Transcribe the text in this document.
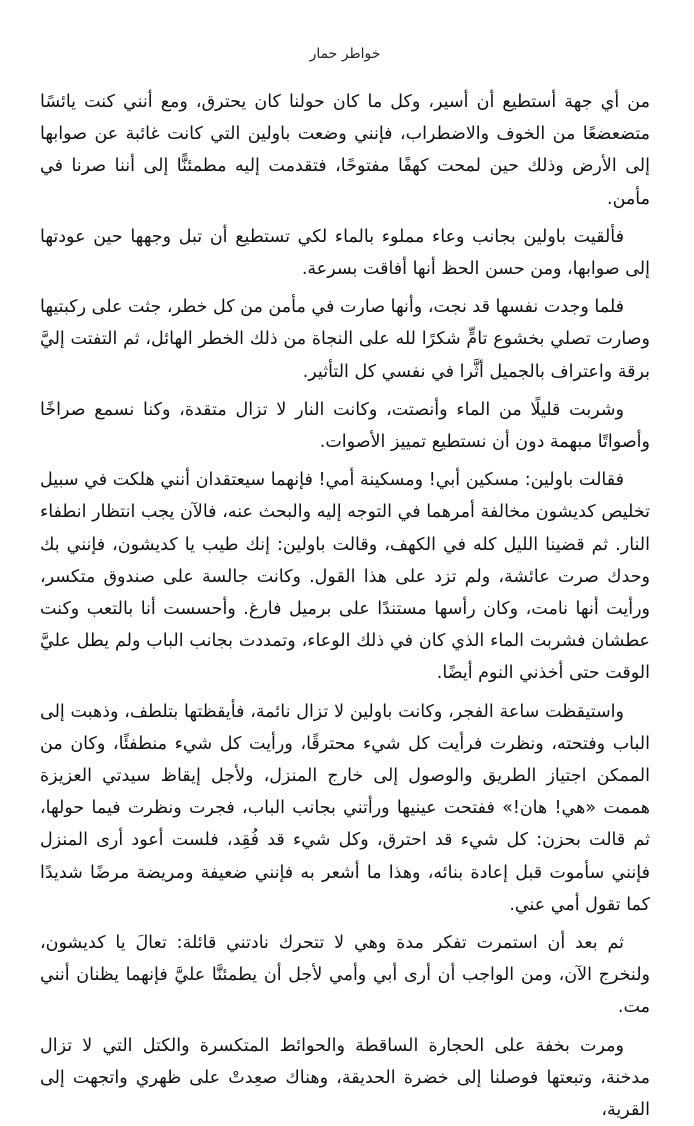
خواطر حمار

من أي جهة أستطيع أن أسير، وكل ما كان حولنا كان يحترق، ومع أنني كنت يائسًا متضعضعًا من الخوف والاضطراب، فإنني وضعت باولين التي كانت غائبة عن صوابها إلى الأرض وذلك حين لمحت كهفًا مفتوحًا، فتقدمت إليه مطمئنًّا إلى أننا صرنا في مأمن.

فألقيت باولين بجانب وعاء مملوء بالماء لكي تستطيع أن تبل وجهها حين عودتها إلى صوابها، ومن حسن الحظ أنها أفاقت بسرعة.

فلما وجدت نفسها قد نجت، وأنها صارت في مأمن من كل خطر، جثت على ركبتيها وصارت تصلي بخشوع تامٍّ شكرًا لله على النجاة من ذلك الخطر الهائل، ثم التفتت إليَّ برقة واعتراف بالجميل أثَّرا في نفسي كل التأثير.

وشربت قليلًا من الماء وأنصتت، وكانت النار لا تزال متقدة، وكنا نسمع صراخًا وأصواتًا مبهمة دون أن نستطيع تمييز الأصوات.

فقالت باولين: مسكين أبي! ومسكينة أمي! فإنهما سيعتقدان أنني هلكت في سبيل تخليص كديشون مخالفة أمرهما في التوجه إليه والبحث عنه، فالآن يجب انتظار انطفاء النار. ثم قضينا الليل كله في الكهف، وقالت باولين: إنك طيب يا كديشون، فإنني بك وحدك صرت عائشة، ولم تزد على هذا القول. وكانت جالسة على صندوق متكسر، ورأيت أنها نامت، وكان رأسها مستندًا على برميل فارغ. وأحسست أنا بالتعب وكنت عطشان فشربت الماء الذي كان في ذلك الوعاء، وتمددت بجانب الباب ولم يطل عليَّ الوقت حتى أخذني النوم أيضًا.

واستيقظت ساعة الفجر، وكانت باولين لا تزال نائمة، فأيقظتها بتلطف، وذهبت إلى الباب وفتحته، ونظرت فرأيت كل شيء محترقًا، ورأيت كل شيء منطفئًا، وكان من الممكن اجتياز الطريق والوصول إلى خارج المنزل، ولأجل إيقاظ سيدتي العزيزة هممت «هي! هان!» ففتحت عينيها ورأتني بجانب الباب، فجرت ونظرت فيما حولها، ثم قالت بحزن: كل شيء قد احترق، وكل شيء قد فُقِد، فلست أعود أرى المنزل فإنني سأموت قبل إعادة بنائه، وهذا ما أشعر به فإنني ضعيفة ومريضة مرضًا شديدًا كما تقول أمي عني.

ثم بعد أن استمرت تفكر مدة وهي لا تتحرك نادتني قائلة: تعالَ يا كديشون، ولنخرج الآن، ومن الواجب أن أرى أبي وأمي لأجل أن يطمئنَّا عليَّ فإنهما يظنان أنني مت.

ومرت بخفة على الحجارة الساقطة والحوائط المتكسرة والكتل التي لا تزال مدخنة، وتبعتها فوصلنا إلى خضرة الحديقة، وهناك صعِدتْ على ظهري واتجهت إلى القرية،
